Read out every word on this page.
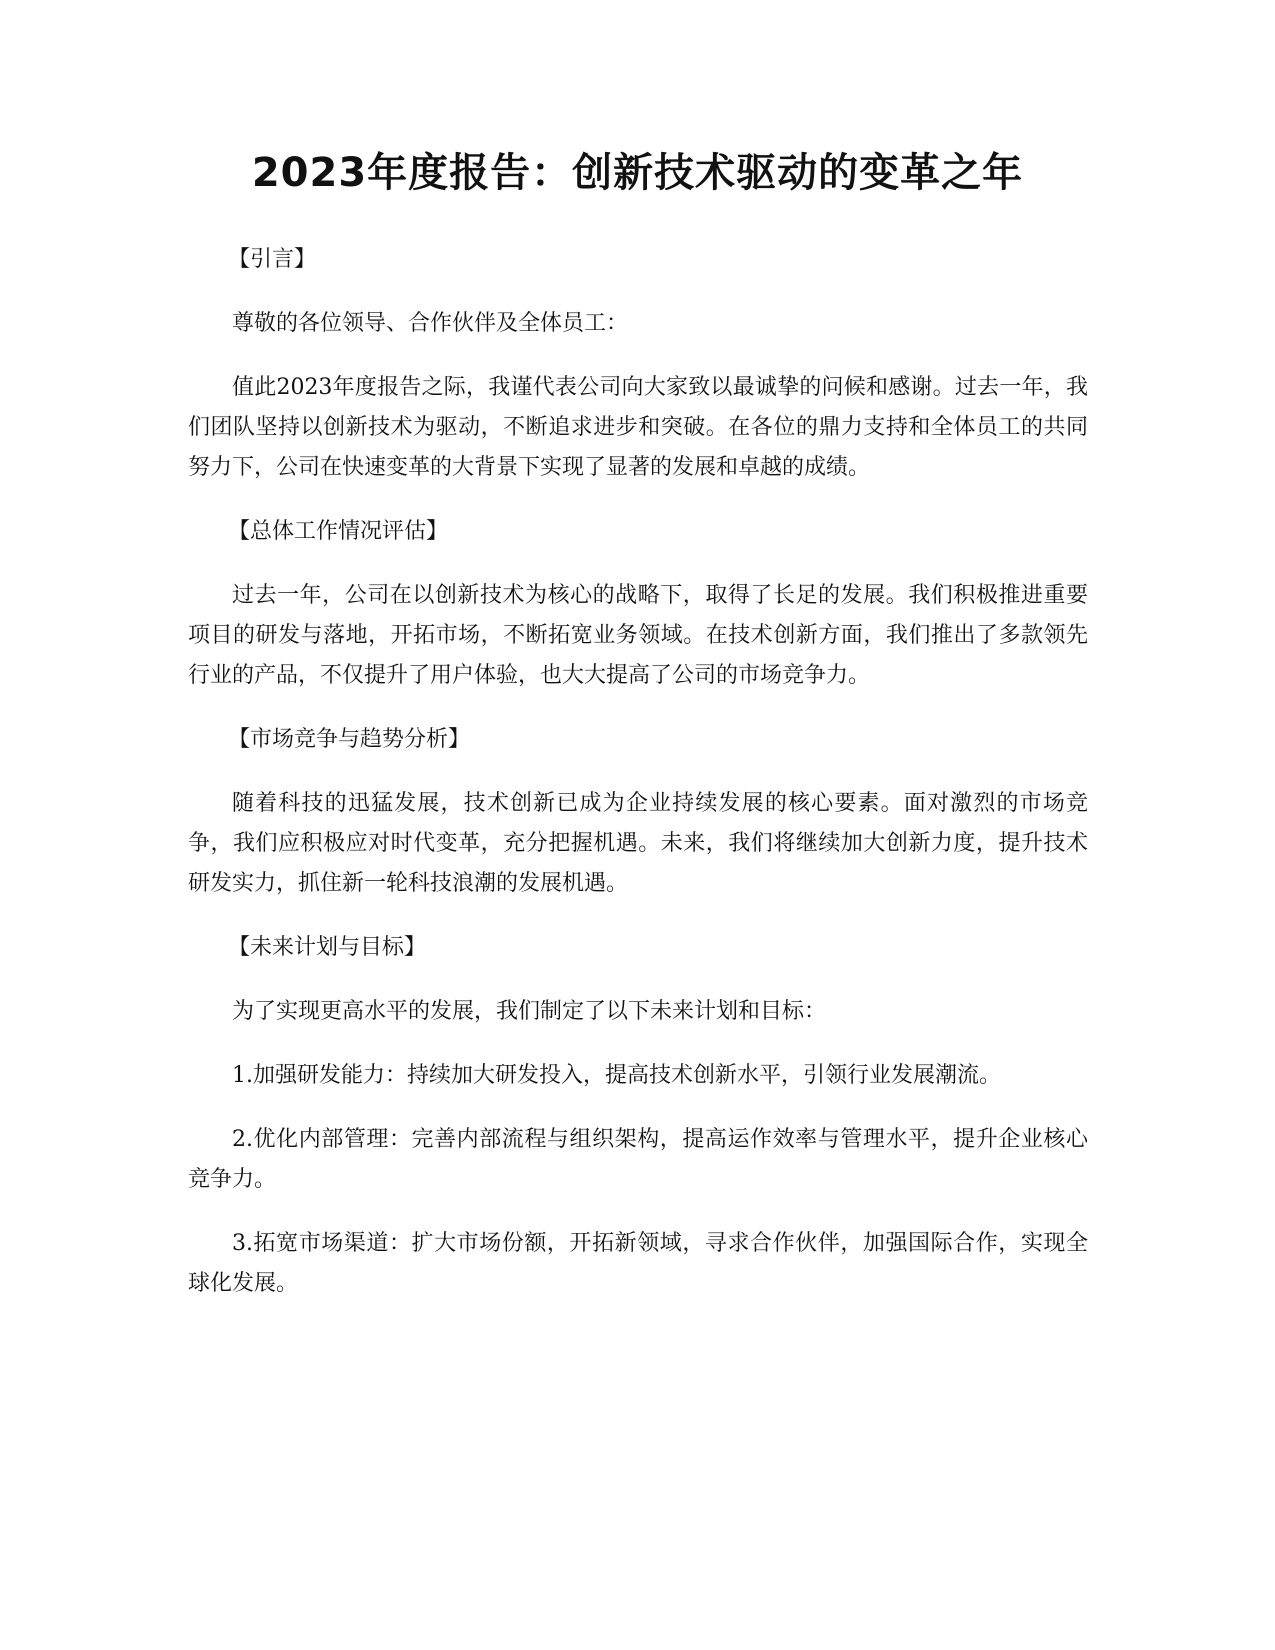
2023年度报告：创新技术驱动的变革之年

【引言】

尊敬的各位领导、合作伙伴及全体员工：

值此2023年度报告之际，我谨代表公司向大家致以最诚挚的问候和感谢。过去一年，我们团队坚持以创新技术为驱动，不断追求进步和突破。在各位的鼎力支持和全体员工的共同努力下，公司在快速变革的大背景下实现了显著的发展和卓越的成绩。

【总体工作情况评估】

过去一年，公司在以创新技术为核心的战略下，取得了长足的发展。我们积极推进重要项目的研发与落地，开拓市场，不断拓宽业务领域。在技术创新方面，我们推出了多款领先行业的产品，不仅提升了用户体验，也大大提高了公司的市场竞争力。

【市场竞争与趋势分析】

随着科技的迅猛发展，技术创新已成为企业持续发展的核心要素。面对激烈的市场竞争，我们应积极应对时代变革，充分把握机遇。未来，我们将继续加大创新力度，提升技术研发实力，抓住新一轮科技浪潮的发展机遇。

【未来计划与目标】

为了实现更高水平的发展，我们制定了以下未来计划和目标：

1.加强研发能力：持续加大研发投入，提高技术创新水平，引领行业发展潮流。

2.优化内部管理：完善内部流程与组织架构，提高运作效率与管理水平，提升企业核心竞争力。

3.拓宽市场渠道：扩大市场份额，开拓新领域，寻求合作伙伴，加强国际合作，实现全球化发展。
